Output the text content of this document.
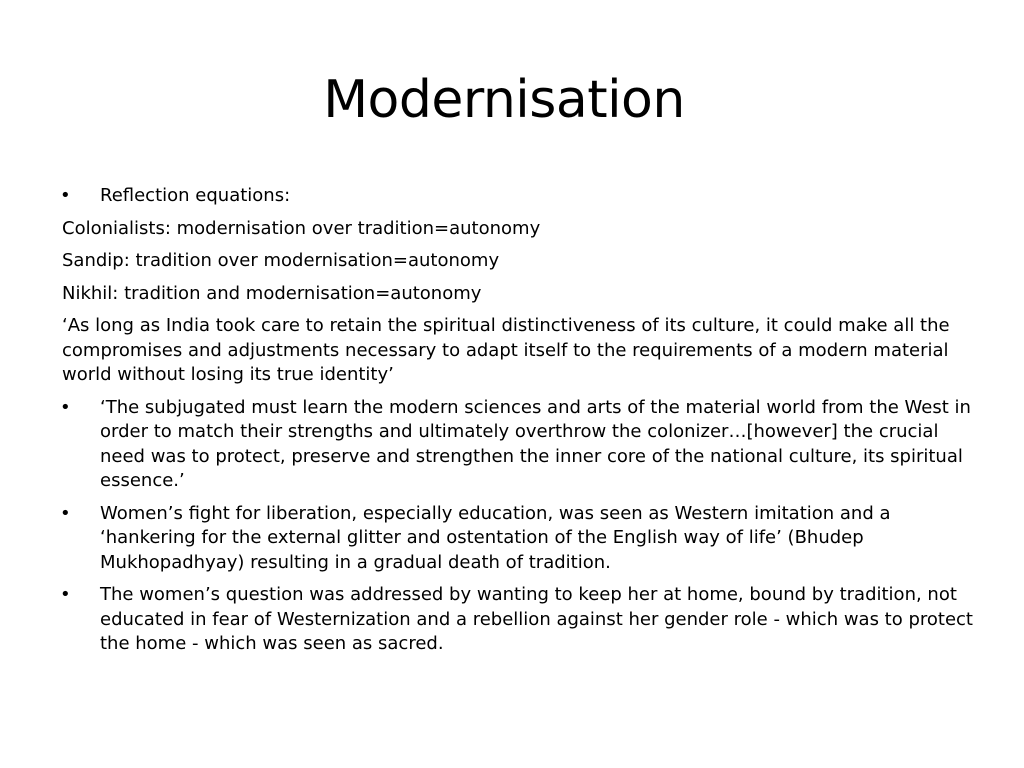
Modernisation

•	Reflection equations:

Colonialists: modernisation over tradition=autonomy

Sandip: tradition over modernisation=autonomy

Nikhil: tradition and modernisation=autonomy

‘As long as India took care to retain the spiritual distinctiveness of its culture, it could make all the compromises and adjustments necessary to adapt itself to the requirements of a modern material world without losing its true identity’

•	‘The subjugated must learn the modern sciences and arts of the material world from the West in order to match their strengths and ultimately overthrow the colonizer…[however] the crucial need was to protect, preserve and strengthen the inner core of the national culture, its spiritual essence.’

•	Women’s fight for liberation, especially education, was seen as Western imitation and a ‘hankering for the external glitter and ostentation of the English way of life’ (Bhudep Mukhopadhyay) resulting in a gradual death of tradition.

•	The women’s question was addressed by wanting to keep her at home, bound by tradition, not educated in fear of Westernization and a rebellion against her gender role - which was to protect the home - which was seen as sacred.
